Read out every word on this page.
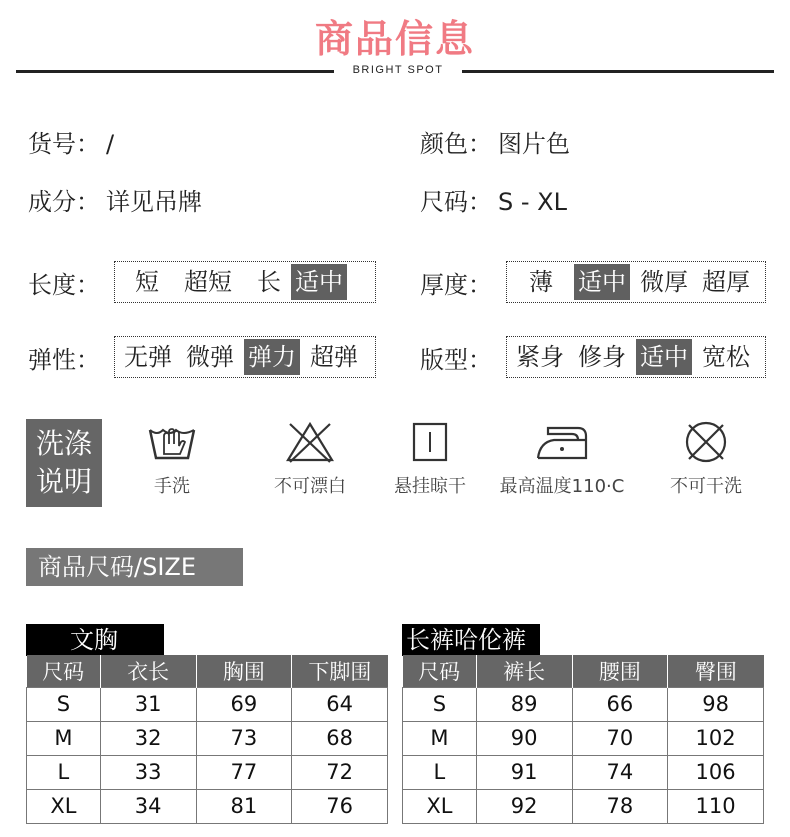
商品信息
BRIGHT SPOT
货号： /	颜色： 图片色
成分： 详见吊牌	尺码： S - XL
长度：	短 超短 长 适中	厚度：	薄 适中 微厚 超厚
弹性：	无弹 微弹 弹力 超弹	版型：	紧身 修身 适中 宽松
洗涤
说明	手洗	不可漂白	悬挂晾干	最高温度110·C	不可干洗
商品尺码/SIZE
文胸
尺码	衣长	胸围	下脚围
S	31	69	64
M	32	73	68
L	33	77	72
XL	34	81	76
长裤哈伦裤
尺码	裤长	腰围	臀围
S	89	66	98
M	90	70	102
L	91	74	106
XL	92	78	110
